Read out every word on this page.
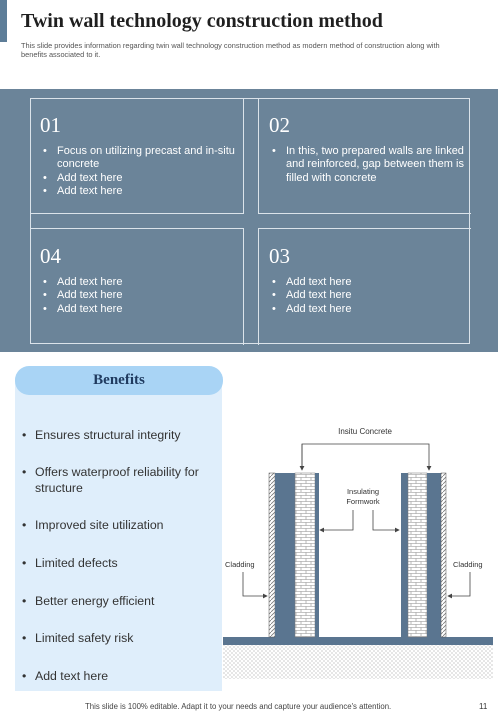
Twin wall technology construction method
This slide provides information regarding twin wall technology construction method as modern method of construction along with benefits associated to it.
01
• Focus on utilizing precast and in-situ concrete
• Add text here
• Add text here
02
• In this, two prepared walls are linked and reinforced, gap between them is filled with concrete
04
• Add text here
• Add text here
• Add text here
03
• Add text here
• Add text here
• Add text here
Benefits
• Ensures structural integrity
• Offers waterproof reliability for structure
• Improved site utilization
• Limited defects
• Better energy efficient
• Limited safety risk
• Add text here
Insitu Concrete
Insulating
Formwork
Cladding	Cladding
This slide is 100% editable. Adapt it to your needs and capture your audience's attention.	11
